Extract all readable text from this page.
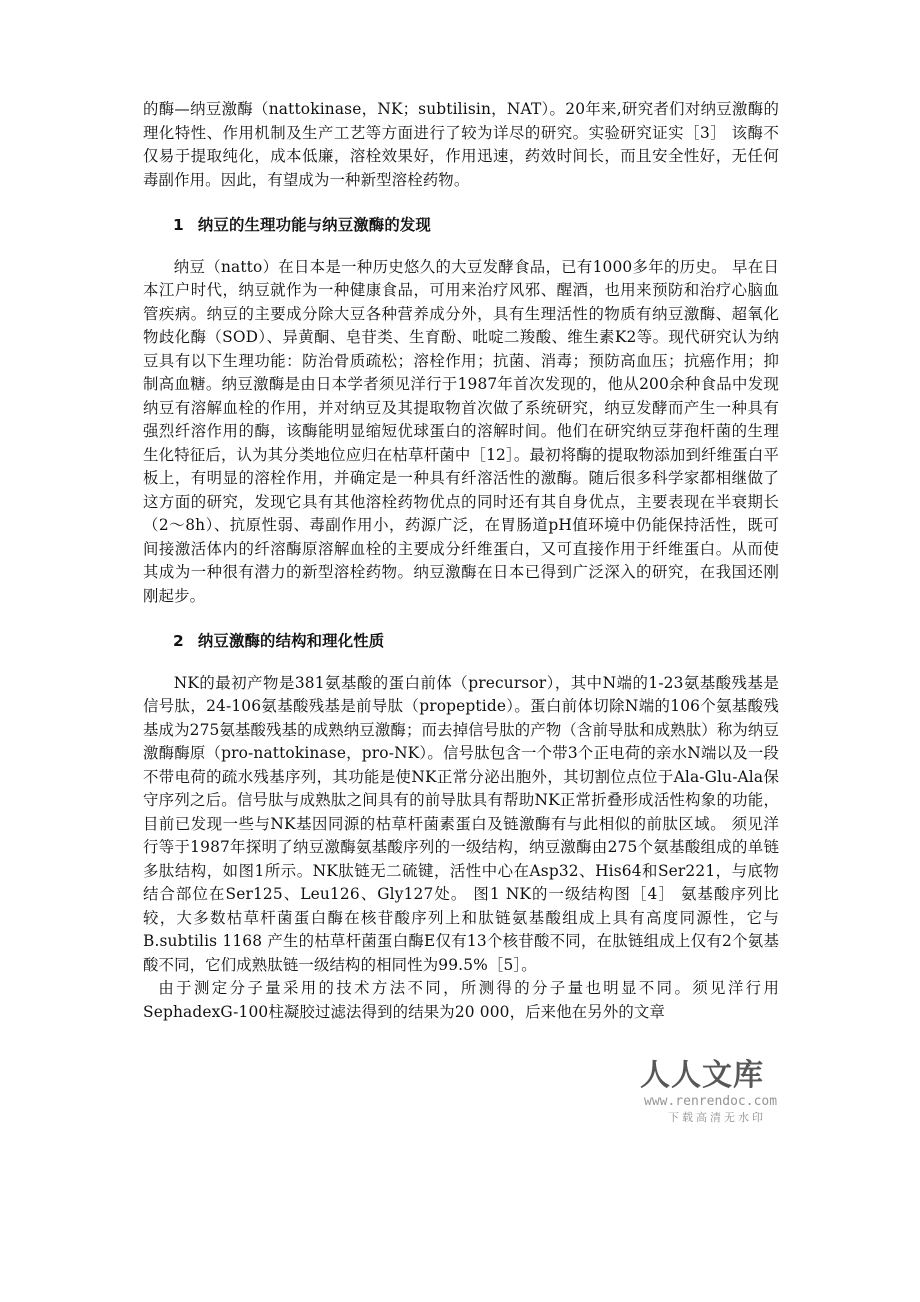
的酶—纳豆激酶（nattokinase，NK；subtilisin，NAT）。20年来,研究者们对纳豆激酶的理化特性、作用机制及生产工艺等方面进行了较为详尽的研究。实验研究证实［3］ 该酶不仅易于提取纯化，成本低廉，溶栓效果好，作用迅速，药效时间长，而且安全性好，无任何毒副作用。因此，有望成为一种新型溶栓药物。

1 纳豆的生理功能与纳豆激酶的发现

纳豆（natto）在日本是一种历史悠久的大豆发酵食品，已有1000多年的历史。 早在日本江户时代，纳豆就作为一种健康食品，可用来治疗风邪、醒酒，也用来预防和治疗心脑血管疾病。纳豆的主要成分除大豆各种营养成分外，具有生理活性的物质有纳豆激酶、超氧化物歧化酶（SOD）、异黄酮、皂苷类、生育酚、吡啶二羧酸、维生素K2等。现代研究认为纳豆具有以下生理功能：防治骨质疏松；溶栓作用；抗菌、消毒；预防高血压；抗癌作用；抑制高血糖。纳豆激酶是由日本学者须见洋行于1987年首次发现的，他从200余种食品中发现纳豆有溶解血栓的作用，并对纳豆及其提取物首次做了系统研究，纳豆发酵而产生一种具有强烈纤溶作用的酶，该酶能明显缩短优球蛋白的溶解时间。他们在研究纳豆芽孢杆菌的生理生化特征后，认为其分类地位应归在枯草杆菌中［12］。最初将酶的提取物添加到纤维蛋白平板上，有明显的溶栓作用，并确定是一种具有纤溶活性的激酶。随后很多科学家都相继做了这方面的研究，发现它具有其他溶栓药物优点的同时还有其自身优点，主要表现在半衰期长（2～8h）、抗原性弱、毒副作用小，药源广泛，在胃肠道pH值环境中仍能保持活性，既可间接激活体内的纤溶酶原溶解血栓的主要成分纤维蛋白，又可直接作用于纤维蛋白。从而使其成为一种很有潜力的新型溶栓药物。纳豆激酶在日本已得到广泛深入的研究，在我国还刚刚起步。

2 纳豆激酶的结构和理化性质

NK的最初产物是381氨基酸的蛋白前体（precursor），其中N端的1-23氨基酸残基是信号肽，24-106氨基酸残基是前导肽（propeptide）。蛋白前体切除N端的106个氨基酸残基成为275氨基酸残基的成熟纳豆激酶；而去掉信号肽的产物（含前导肽和成熟肽）称为纳豆激酶酶原（pro-nattokinase，pro-NK）。信号肽包含一个带3个正电荷的亲水N端以及一段不带电荷的疏水残基序列，其功能是使NK正常分泌出胞外，其切割位点位于Ala-Glu-Ala保守序列之后。信号肽与成熟肽之间具有的前导肽具有帮助NK正常折叠形成活性构象的功能，目前已发现一些与NK基因同源的枯草杆菌素蛋白及链激酶有与此相似的前肽区域。 须见洋行等于1987年探明了纳豆激酶氨基酸序列的一级结构，纳豆激酶由275个氨基酸组成的单链多肽结构，如图1所示。NK肽链无二硫键，活性中心在Asp32、His64和Ser221，与底物结合部位在Ser125、Leu126、Gly127处。 图1 NK的一级结构图［4］ 氨基酸序列比较，大多数枯草杆菌蛋白酶在核苷酸序列上和肽链氨基酸组成上具有高度同源性，它与B.subtilis 1168 产生的枯草杆菌蛋白酶E仅有13个核苷酸不同，在肽链组成上仅有2个氨基酸不同，它们成熟肽链一级结构的相同性为99.5%［5］。

由于测定分子量采用的技术方法不同，所测得的分子量也明显不同。须见洋行用SephadexG-100柱凝胶过滤法得到的结果为20 000，后来他在另外的文章

人人文库
www.renrendoc.com
下载高清无水印
